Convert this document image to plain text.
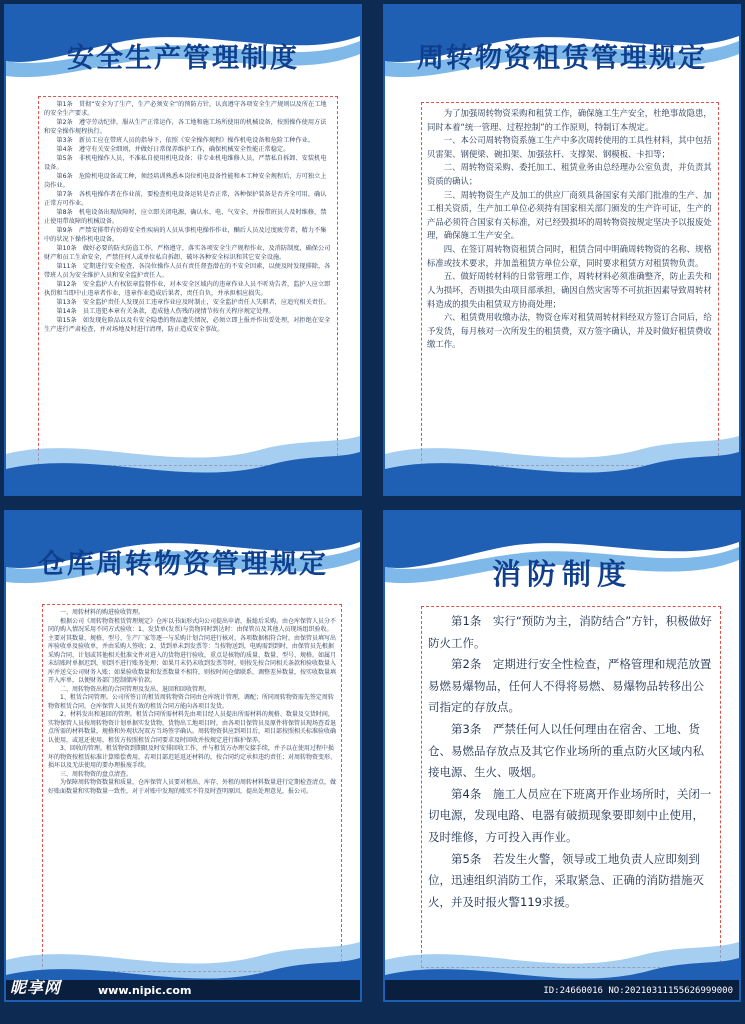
安全生产管理制度

第1条　贯彻“安全为了生产，生产必须安全”的预防方针，认真遵守各项安全生产规则以及所在工地的安全生产要求。

第2条　遵守劳动纪律，服从生产正常运作，各工地和施工场所使用的机械设备，按照操作使用方法和安全操作规程执行。

第3条　新员工应在带班人员的指导下，依照《安全操作规程》操作机电设备和危险工种作业。

第4条　遵守有关安全细则，并做好日常保养维护工作，确保机械安全性能正常稳定。

第5条　非机电操作人员，不准私自使用机电设备；非专业机电维修人员，严禁私自拆卸、安装机电设备。

第6条　危险机电设备或工种，须经培训熟悉本岗位机电设备性能和本工种安全规程后，方可独立上岗作业。

第7条　各机电操作者在作业前，要检查机电设备运转是否正常，各种保护装备是否齐全可用，确认正常方可作业。

第8条　机电设备出现故障时，应立即关闭电源，确认水、电、气安全，并报带班员人及时维修，禁止使用带故障的机械设备。

第9条　严禁安排带有妨碍安全性疾病的人员从事机电操作作业，酗后人员及过度疲劳者，精力不集中的状况下操作机电设备。

第10条　做好必要的防火防盗工作，严格遵守，落实各项安全生产规程作业，及消防制度，确保公司财产和员工生命安全，严禁任何人或单位私自拆卸、破坏各种安全标识和其它安全设施。

第11条　定期进行安全检查，各岗位操作人员有责任督查潜在的不安全因素，以便及时发现排除，各带班人员为安全维护人员和安全监护责任人。

第12条　安全监护人有权依章监督作业，对本安全区域内的违章作业人员不听劝告者，监护人应立即执罚和当即中止违章者作业，违章作业造成后果者，责任自负，并承担相应损失。

第13条　安全监护责任人发现员工违章作业应及时制止，安全监护责任人失职者，应追究相关责任。

第14条　员工违犯本章有关条款，造成他人伤残的视情节按有关程序规定处理。

第15条　如发现危险品以及有安全隐患的物品遗失情况，必须立即上报并作出妥处理，对拒绝在安全生产进行严肃检查，并对场地及时进行清理，防止造成安全事故。

周转物资租赁管理规定

为了加强周转物资采购和租赁工作，确保施工生产安全，杜绝事故隐患，同时本着“统一管理、过程控制”的工作原则，特制订本规定。

一、本公司周转物资系施工生产中多次周转使用的工具性材料，其中包括贝雷架、钢便梁、碗扣架、加强弦杆、支撑架、钢模板、卡扣等；

二、周转物资采购、委托加工、租赁业务由总经理办公室负责，并负责其资质的确认；

三、周转物资生产及加工的供应厂商须具备国家有关部门批准的生产、加工相关资质，生产加工单位必须持有国家相关部门颁发的生产许可证，生产的产品必须符合国家有关标准，对已经毁损坏的周转物资按规定坚决予以报废处理，确保施工生产安全。

四、在签订周转物资租赁合同时，租赁合同中明确周转物资的名称、规格标准或技术要求，并加盖租赁方单位公章，同时要求租赁方对租赁物负责。

五、做好周转材料的日常管理工作，周转材料必须准确整齐，防止丢失和人为损坏，否则损失由项目部承担，确因自然灾害等不可抗拒因素导致周转材料造成的损失由租赁双方协商处理；

六、租赁费用收缴办法，物资仓库对租赁周转材料经双方签订合同后，给予发货，每月核对一次所发生的租赁费，双方签字确认，并及时做好租赁费收缴工作。

仓库周转物资管理规定

一、周转材料的购进验收管理。

根据公司《周转物资租赁管理规定》仓库以书面形式向公司提出申请，报総后采购。由仓库保管人员分不同的购入情况采用不同方式验收：1、发货单(发票)与货物同时到达时：由保管员及其他人员现场组织验收。主要对其数量、规格、型号、生产厂家等逐一与采购计划合同进行核对，各项数据相符合时，由保管员填写出库验收单及验收单，并由采购人签收；2、货到单未到发票等：当按物送到，电购需到到时，由保管员先根据采购合同、计划或其他相关批准文件对进入的货物进行验收，重点是核物的质量、数量、型号、规格。如属月末结账时单据迟到，则到不进行账务处理；如果月末仍未收到发票等时，则按先按合同相关条款和验收数量入库并送交公司财务入账；如果验收数量和发票数量不相符，则按时间仓储联系，调整差异数量，按实收数量填开入库单，以便财务部门控制储库价款。

二、周转物资出租的合同管理及发出、退回和回收管理。

1、租赁合同管理。公司所签订的租赁周转物资合同由仓库统计管理，调配；所同周转物资需先签定周转物资租赁合同，仓库保管人员凭有效的租赁合同方能向各项目发货。

2、材料发出和退回的管理。租赁合同所需材料先由项目经人员提出所需材料的规格、数量及交货时间，实物保管人员按周转物资计划单据实发货物，货物出工地项目时，由各项目保管员及原件将保管员现场查看退点所需的材料数量，规格和外观状况双方当场签字确认。周转物资供应到项目后，项目部按照相关标准验收确认使用，或返还使用，租赁方按照租赁合同要求及时回收并按规定进行维护保养。

3、回收的管理。租赁物资到期限及时安排回收工作，并与租赁方办理交接手续，并予以在使用过程中损坏的物资按租赁标准计算赔偿费用，若项目部迟延返还材料的，按合同约定承担违约责任；对周转物资变形、损坏以及无法使用的要办理报废手续。

三、周转物资的盘点清查。

为保障周转物资数量和质量，仓库保管人员要对租出、库存、外租的周转材料数量进行定期检查清点，做好账面数量和实物数量一致性，对于对账中发现的账实不符及时查明原因，提出处理意见，报公司。

昵享网	www.nipic.com
消防制度

第1条　实行“预防为主，消防结合”方针，积极做好防火工作。

第2条　定期进行安全性检查，严格管理和规范放置易燃易爆物品，任何人不得将易燃、易爆物品转移出公司指定的存放点。

第3条　严禁任何人以任何理由在宿舍、工地、货仓、易燃品存放点及其它作业场所的重点防火区域内私接电源、生火、吸烟。

第4条　施工人员应在下班离开作业场所时，关闭一切电源，发现电路、电器有破损现象要即刻中止使用，及时维修，方可投入再作业。

第5条　若发生火警，领导或工地负责人应即刻到位，迅速组织消防工作，采取紧急、正确的消防措施灭火，并及时报火警119求援。

ID:24660016 NO:20210311155626999000
